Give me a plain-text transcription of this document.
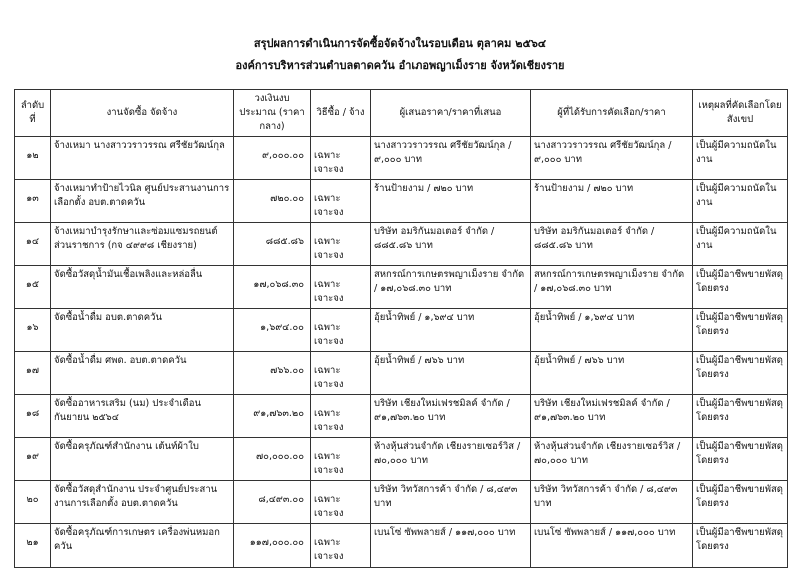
สรุปผลการดำเนินการจัดซื้อจัดจ้างในรอบเดือน ตุลาคม ๒๕๖๔
องค์การบริหารส่วนตำบลตาดควัน อำเภอพญาเม็งราย จังหวัดเชียงราย
ลำดับที่	งานจัดซื้อ จัดจ้าง	วงเงินงบประมาณ (ราคากลาง)	วิธีซื้อ / จ้าง	ผู้เสนอราคา/ราคาที่เสนอ	ผู้ที่ได้รับการคัดเลือก/ราคา	เหตุผลที่คัดเลือกโดยสังเขป
๑๒	จ้างเหมา นางสาววราวรรณ ศรีชัยวัฒน์กุล	๙,๐๐๐.๐๐	เฉพาะเจาะจง	นางสาววราวรรณ ศรีชัยวัฒน์กุล / ๙,๐๐๐ บาท	นางสาววราวรรณ ศรีชัยวัฒน์กุล / ๙,๐๐๐ บาท	เป็นผู้มีความถนัดในงาน
๑๓	จ้างเหมาทำป้ายไวนิล ศูนย์ประสานงานการเลือกตั้ง อบต.ตาดควัน	๗๒๐.๐๐	เฉพาะเจาะจง	ร้านป้ายงาม / ๗๒๐ บาท	ร้านป้ายงาม / ๗๒๐ บาท	เป็นผู้มีความถนัดในงาน
๑๔	จ้างเหมาบำรุงรักษาและซ่อมแซมรถยนต์ส่วนราชการ (กจ ๔๙๙๘ เชียงราย)	๘๘๕.๘๖	เฉพาะเจาะจง	บริษัท อมริกันมอเตอร์ จำกัด / ๘๘๕.๘๖ บาท	บริษัท อมริกันมอเตอร์ จำกัด / ๘๘๕.๘๖ บาท	เป็นผู้มีความถนัดในงาน
๑๕	จัดซื้อวัสดุน้ำมันเชื้อเพลิงและหล่อลื่น	๑๗,๐๖๘.๓๐	เฉพาะเจาะจง	สหกรณ์การเกษตรพญาเม็งราย จำกัด / ๑๗,๐๖๘.๓๐ บาท	สหกรณ์การเกษตรพญาเม็งราย จำกัด / ๑๗,๐๖๘.๓๐ บาท	เป็นผู้มีอาชีพขายพัสดุโดยตรง
๑๖	จัดซื้อน้ำดื่ม อบต.ตาดควัน	๑,๖๙๔.๐๐	เฉพาะเจาะจง	อุ้ยน้ำทิพย์ / ๑,๖๙๔ บาท	อุ้ยน้ำทิพย์ / ๑,๖๙๔ บาท	เป็นผู้มีอาชีพขายพัสดุโดยตรง
๑๗	จัดซื้อน้ำดื่ม ศพด. อบต.ตาดควัน	๗๖๖.๐๐	เฉพาะเจาะจง	อุ้ยน้ำทิพย์ / ๗๖๖ บาท	อุ้ยน้ำทิพย์ / ๗๖๖ บาท	เป็นผู้มีอาชีพขายพัสดุโดยตรง
๑๘	จัดซื้ออาหารเสริม (นม) ประจำเดือนกันยายน ๒๕๖๔	๙๑,๗๖๓.๒๐	เฉพาะเจาะจง	บริษัท เชียงใหม่เฟรชมิลค์ จำกัด / ๙๑,๗๖๓.๒๐ บาท	บริษัท เชียงใหม่เฟรชมิลค์ จำกัด / ๙๑,๗๖๓.๒๐ บาท	เป็นผู้มีอาชีพขายพัสดุโดยตรง
๑๙	จัดซื้อครุภัณฑ์สำนักงาน เต้นท์ผ้าใบ	๗๐,๐๐๐.๐๐	เฉพาะเจาะจง	ห้างหุ้นส่วนจำกัด เชียงรายเซอร์วิส / ๗๐,๐๐๐ บาท	ห้างหุ้นส่วนจำกัด เชียงรายเซอร์วิส / ๗๐,๐๐๐ บาท	เป็นผู้มีอาชีพขายพัสดุโดยตรง
๒๐	จัดซื้อวัสดุสำนักงาน ประจำศูนย์ประสานงานการเลือกตั้ง อบต.ตาดควัน	๘,๔๙๓.๐๐	เฉพาะเจาะจง	บริษัท วิทวัสการค้า จำกัด / ๘,๔๙๓ บาท	บริษัท วิทวัสการค้า จำกัด / ๘,๔๙๓ บาท	เป็นผู้มีอาชีพขายพัสดุโดยตรง
๒๑	จัดซื้อครุภัณฑ์การเกษตร เครื่องพ่นหมอกควัน	๑๑๗,๐๐๐.๐๐	เฉพาะเจาะจง	เบนโซ่ ซัพพลายส์ / ๑๑๗,๐๐๐ บาท	เบนโซ่ ซัพพลายส์ / ๑๑๗,๐๐๐ บาท	เป็นผู้มีอาชีพขายพัสดุโดยตรง
